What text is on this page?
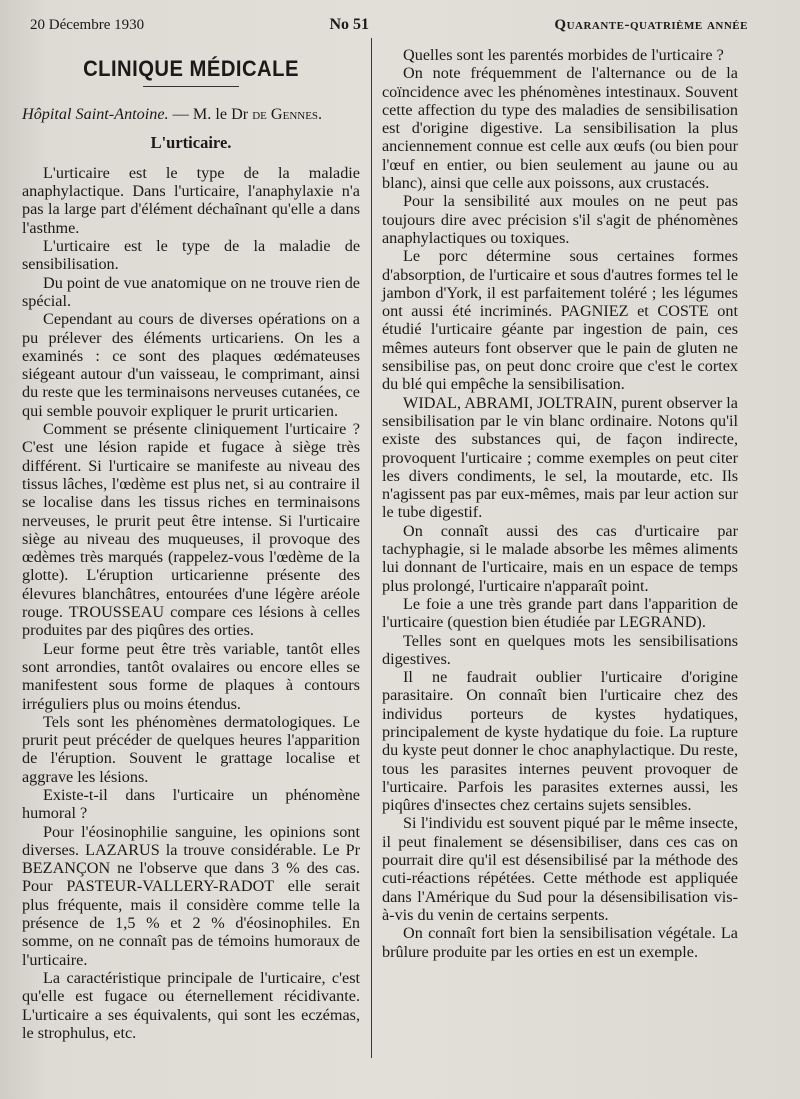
20 Décembre 1930	No 51	Quarante-quatrième année
CLINIQUE MÉDICALE
Hôpital Saint-Antoine. — M. le Dr de Gennes.
L'urticaire.

L'urticaire est le type de la maladie anaphylactique. Dans l'urticaire, l'anaphylaxie n'a pas la large part d'élément déchaînant qu'elle a dans l'asthme.

L'urticaire est le type de la maladie de sensibilisation.

Du point de vue anatomique on ne trouve rien de spécial.

Cependant au cours de diverses opérations on a pu prélever des éléments urticariens. On les a examinés : ce sont des plaques œdémateuses siégeant autour d'un vaisseau, le comprimant, ainsi du reste que les terminaisons nerveuses cutanées, ce qui semble pouvoir expliquer le prurit urticarien.

Comment se présente cliniquement l'urticaire ? C'est une lésion rapide et fugace à siège très différent. Si l'urticaire se manifeste au niveau des tissus lâches, l'œdème est plus net, si au contraire il se localise dans les tissus riches en terminaisons nerveuses, le prurit peut être intense. Si l'urticaire siège au niveau des muqueuses, il provoque des œdèmes très marqués (rappelez-vous l'œdème de la glotte). L'éruption urticarienne présente des élevures blanchâtres, entourées d'une légère aréole rouge. TROUSSEAU compare ces lésions à celles produites par des piqûres des orties.

Leur forme peut être très variable, tantôt elles sont arrondies, tantôt ovalaires ou encore elles se manifestent sous forme de plaques à contours irréguliers plus ou moins étendus.

Tels sont les phénomènes dermatologiques. Le prurit peut précéder de quelques heures l'apparition de l'éruption. Souvent le grattage localise et aggrave les lésions.

Existe-t-il dans l'urticaire un phénomène humoral ?

Pour l'éosinophilie sanguine, les opinions sont diverses. LAZARUS la trouve considérable. Le Pr BEZANÇON ne l'observe que dans 3 % des cas. Pour PASTEUR-VALLERY-RADOT elle serait plus fréquente, mais il considère comme telle la présence de 1,5 % et 2 % d'éosinophiles. En somme, on ne connaît pas de témoins humoraux de l'urticaire.

La caractéristique principale de l'urticaire, c'est qu'elle est fugace ou éternellement récidivante. L'urticaire a ses équivalents, qui sont les eczémas, le strophulus, etc.

Quelles sont les parentés morbides de l'urticaire ?

On note fréquemment de l'alternance ou de la coïncidence avec les phénomènes intestinaux. Souvent cette affection du type des maladies de sensibilisation est d'origine digestive. La sensibilisation la plus anciennement connue est celle aux œufs (ou bien pour l'œuf en entier, ou bien seulement au jaune ou au blanc), ainsi que celle aux poissons, aux crustacés.

Pour la sensibilité aux moules on ne peut pas toujours dire avec précision s'il s'agit de phénomènes anaphylactiques ou toxiques.

Le porc détermine sous certaines formes d'absorption, de l'urticaire et sous d'autres formes tel le jambon d'York, il est parfaitement toléré ; les légumes ont aussi été incriminés. PAGNIEZ et COSTE ont étudié l'urticaire géante par ingestion de pain, ces mêmes auteurs font observer que le pain de gluten ne sensibilise pas, on peut donc croire que c'est le cortex du blé qui empêche la sensibilisation.

WIDAL, ABRAMI, JOLTRAIN, purent observer la sensibilisation par le vin blanc ordinaire. Notons qu'il existe des substances qui, de façon indirecte, provoquent l'urticaire ; comme exemples on peut citer les divers condiments, le sel, la moutarde, etc. Ils n'agissent pas par eux-mêmes, mais par leur action sur le tube digestif.

On connaît aussi des cas d'urticaire par tachyphagie, si le malade absorbe les mêmes aliments lui donnant de l'urticaire, mais en un espace de temps plus prolongé, l'urticaire n'apparaît point.

Le foie a une très grande part dans l'apparition de l'urticaire (question bien étudiée par LEGRAND).

Telles sont en quelques mots les sensibilisations digestives.

Il ne faudrait oublier l'urticaire d'origine parasitaire. On connaît bien l'urticaire chez des individus porteurs de kystes hydatiques, principalement de kyste hydatique du foie. La rupture du kyste peut donner le choc anaphylactique. Du reste, tous les parasites internes peuvent provoquer de l'urticaire. Parfois les parasites externes aussi, les piqûres d'insectes chez certains sujets sensibles.

Si l'individu est souvent piqué par le même insecte, il peut finalement se désensibiliser, dans ces cas on pourrait dire qu'il est désensibilisé par la méthode des cuti-réactions répétées. Cette méthode est appliquée dans l'Amérique du Sud pour la désensibilisation vis-à-vis du venin de certains serpents.

On connaît fort bien la sensibilisation végétale. La brûlure produite par les orties en est un exemple.
